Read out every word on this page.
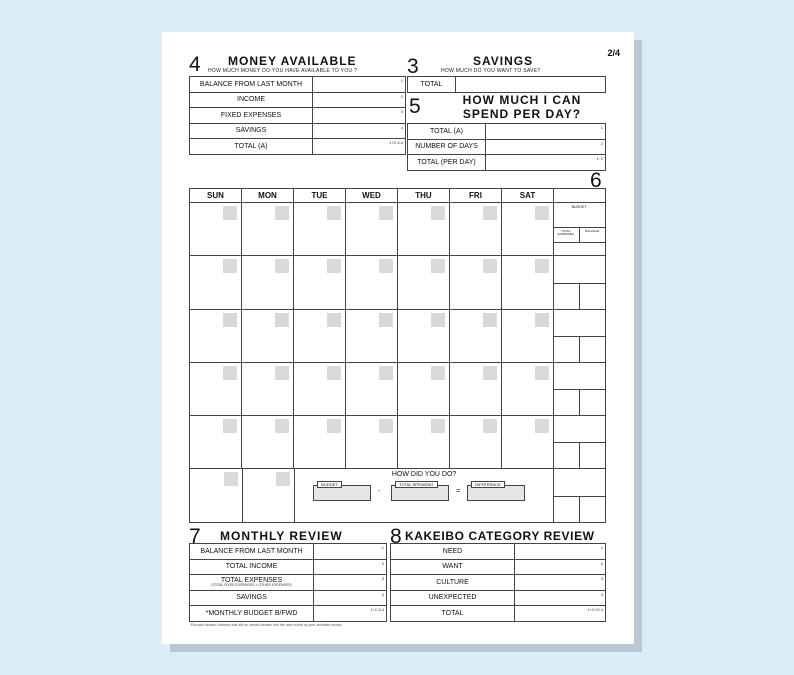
2/4
4 MONEY AVAILABLE
HOW MUCH MONEY DO YOU HAVE AVAILABLE TO YOU ?
BALANCE FROM LAST MONTH	1

INCOME	2

FIXED EXPENSES	3

SAVINGS	4

TOTAL (A)	1+2-3-4
3	SAVINGS
HOW MUCH DO YOU WANT TO SAVE?
TOTAL	
5	HOW MUCH I CAN
SPEND PER DAY?
TOTAL (A)	1

NUMBER OF DAYS	2

TOTAL (PER DAY)	1÷2
6
SUN	MON	TUE	WED	THU	FRI	SAT
HOW DID YOU DO?
BUDGET
-
TOTAL SPENDING
=
DIFFERENCE
BUDGET
TOTAL EXPENSES
BALANCE
7 MONTHLY REVIEW
BALANCE FROM LAST MONTH	1

TOTAL INCOME	2

TOTAL EXPENSES
(TOTAL FIXED EXPENSES + OTHER EXPENSES)	3

SAVINGS	4

*MONTHLY BUDGET B/FWD	1+2-3-4
8 KAKEIBO CATEGORY REVIEW
NEED	1

WANT	2

CULTURE	3

UNEXPECTED	4

TOTAL	1+2+3+4
*Brought forward: balance that will be carried forward into the next month as your available money.
